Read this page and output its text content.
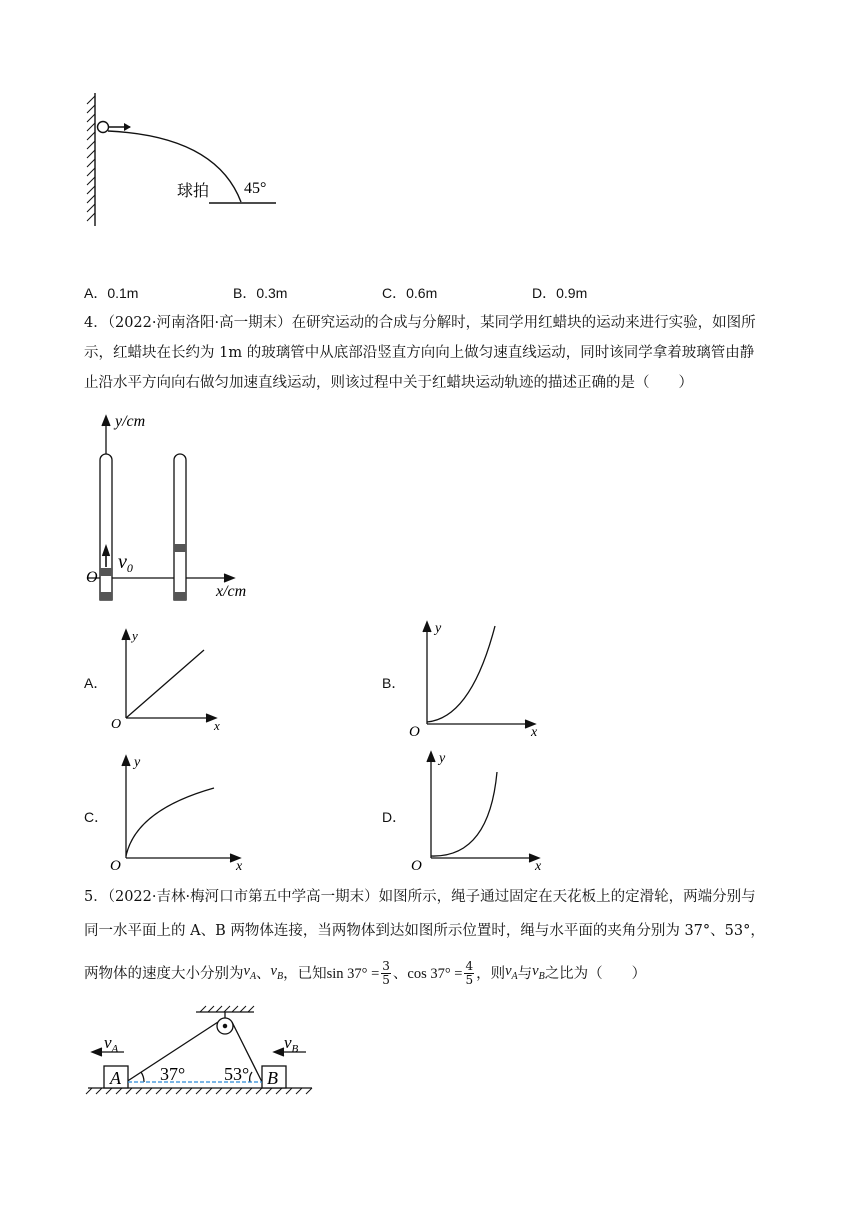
球拍 45°
A．0.1m	B．0.3m	C．0.6m	D．0.9m
4．（2022·河南洛阳·高一期末）在研究运动的合成与分解时，某同学用红蜡块的运动来进行实验，如图所
示，红蜡块在长约为 1m 的玻璃管中从底部沿竖直方向向上做匀速直线运动，同时该同学拿着玻璃管由静
止沿水平方向向右做匀加速直线运动，则该过程中关于红蜡块运动轨迹的描述正确的是（　　）
y/cm
x/cm
O
$v_0$
A．
y
x
O
B．
y
x
O
C．
y
x
O
D．
y
x
O
5．（2022·吉林·梅河口市第五中学高一期末）如图所示，绳子通过固定在天花板上的定滑轮，两端分别与
同一水平面上的 A、B 两物体连接，当两物体到达如图所示位置时，绳与水平面的夹角分别为 37°、53°，
两物体的速度大小分别为 $v_A$ 、 $v_B$ ，已知 $\sin 37^\circ = \frac{3}{5}$ 、 $\cos 37^\circ = \frac{4}{5}$ ，则 $v_A$ 与 $v_B$ 之比为（　　）
A	B
37° 53°
$v_A$	$v_B$
